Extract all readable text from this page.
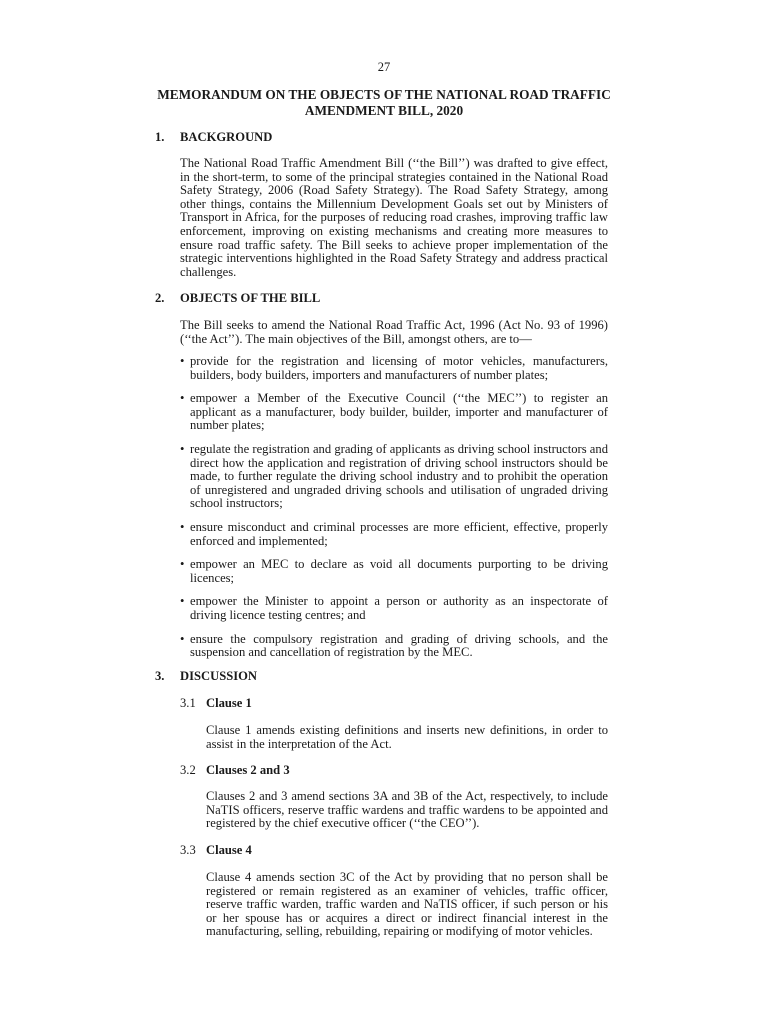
27
MEMORANDUM ON THE OBJECTS OF THE NATIONAL ROAD TRAFFIC AMENDMENT BILL, 2020
1. BACKGROUND
The National Road Traffic Amendment Bill (‘‘the Bill’’) was drafted to give effect, in the short-term, to some of the principal strategies contained in the National Road Safety Strategy, 2006 (Road Safety Strategy). The Road Safety Strategy, among other things, contains the Millennium Development Goals set out by Ministers of Transport in Africa, for the purposes of reducing road crashes, improving traffic law enforcement, improving on existing mechanisms and creating more measures to ensure road traffic safety. The Bill seeks to achieve proper implementation of the strategic interventions highlighted in the Road Safety Strategy and address practical challenges.
2. OBJECTS OF THE BILL
The Bill seeks to amend the National Road Traffic Act, 1996 (Act No. 93 of 1996) (‘‘the Act’’). The main objectives of the Bill, amongst others, are to—
• provide for the registration and licensing of motor vehicles, manufacturers, builders, body builders, importers and manufacturers of number plates;
• empower a Member of the Executive Council (‘‘the MEC’’) to register an applicant as a manufacturer, body builder, builder, importer and manufacturer of number plates;
• regulate the registration and grading of applicants as driving school instructors and direct how the application and registration of driving school instructors should be made, to further regulate the driving school industry and to prohibit the operation of unregistered and ungraded driving schools and utilisation of ungraded driving school instructors;
• ensure misconduct and criminal processes are more efficient, effective, properly enforced and implemented;
• empower an MEC to declare as void all documents purporting to be driving licences;
• empower the Minister to appoint a person or authority as an inspectorate of driving licence testing centres; and
• ensure the compulsory registration and grading of driving schools, and the suspension and cancellation of registration by the MEC.
3. DISCUSSION
3.1 Clause 1
Clause 1 amends existing definitions and inserts new definitions, in order to assist in the interpretation of the Act.
3.2 Clauses 2 and 3
Clauses 2 and 3 amend sections 3A and 3B of the Act, respectively, to include NaTIS officers, reserve traffic wardens and traffic wardens to be appointed and registered by the chief executive officer (‘‘the CEO’’).
3.3 Clause 4
Clause 4 amends section 3C of the Act by providing that no person shall be registered or remain registered as an examiner of vehicles, traffic officer, reserve traffic warden, traffic warden and NaTIS officer, if such person or his or her spouse has or acquires a direct or indirect financial interest in the manufacturing, selling, rebuilding, repairing or modifying of motor vehicles.
